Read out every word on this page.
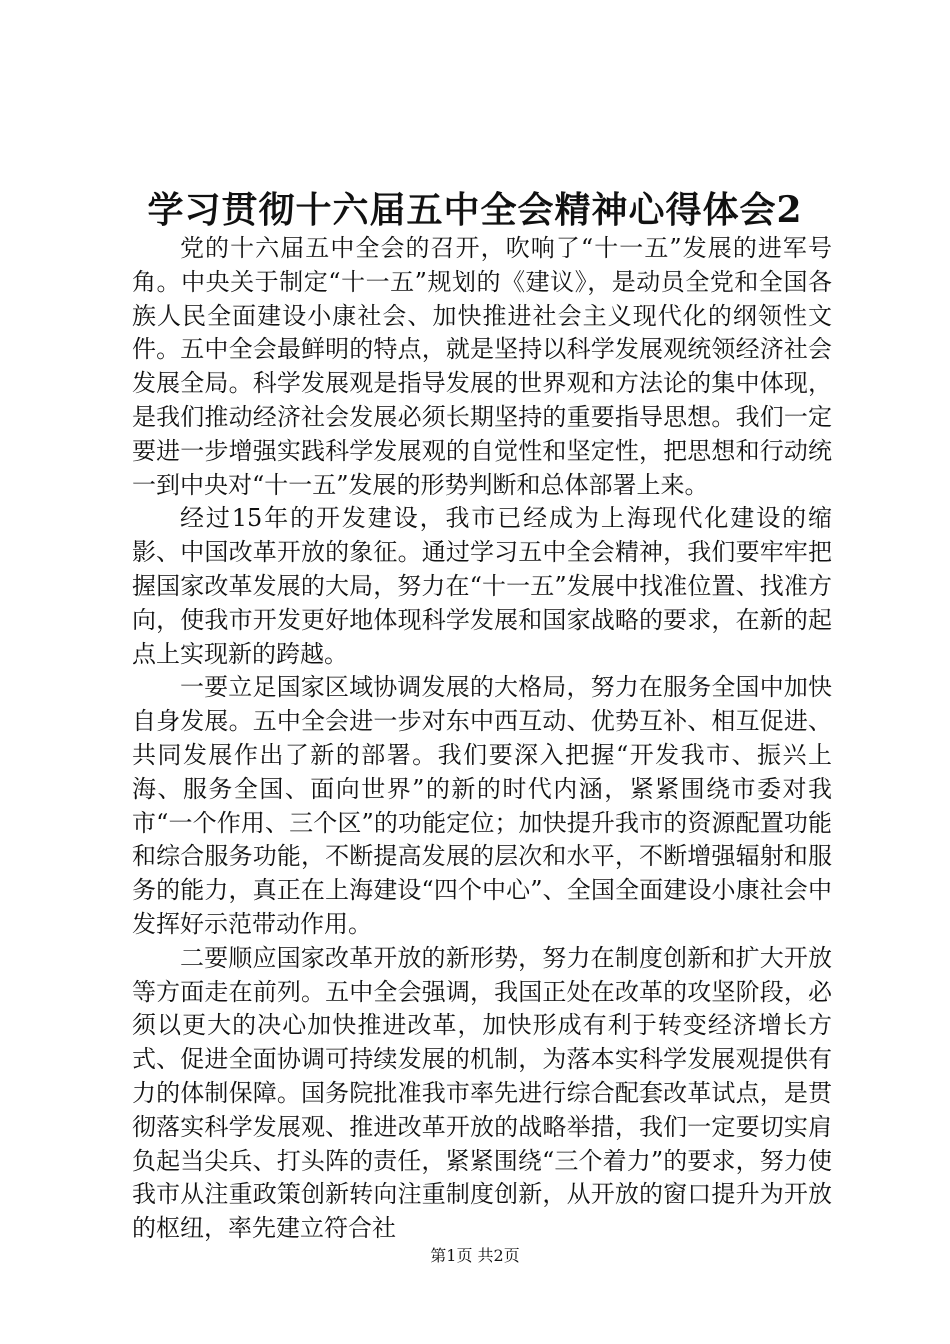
学习贯彻十六届五中全会精神心得体会2

党的十六届五中全会的召开，吹响了“十一五”发展的进军号角。中央关于制定“十一五”规划的《建议》，是动员全党和全国各族人民全面建设小康社会、加快推进社会主义现代化的纲领性文件。五中全会最鲜明的特点，就是坚持以科学发展观统领经济社会发展全局。科学发展观是指导发展的世界观和方法论的集中体现，是我们推动经济社会发展必须长期坚持的重要指导思想。我们一定要进一步增强实践科学发展观的自觉性和坚定性，把思想和行动统一到中央对“十一五”发展的形势判断和总体部署上来。

经过15年的开发建设，我市已经成为上海现代化建设的缩影、中国改革开放的象征。通过学习五中全会精神，我们要牢牢把握国家改革发展的大局，努力在“十一五”发展中找准位置、找准方向，使我市开发更好地体现科学发展和国家战略的要求，在新的起点上实现新的跨越。

一要立足国家区域协调发展的大格局，努力在服务全国中加快自身发展。五中全会进一步对东中西互动、优势互补、相互促进、共同发展作出了新的部署。我们要深入把握“开发我市、振兴上海、服务全国、面向世界”的新的时代内涵，紧紧围绕市委对我市“一个作用、三个区”的功能定位；加快提升我市的资源配置功能和综合服务功能，不断提高发展的层次和水平，不断增强辐射和服务的能力，真正在上海建设“四个中心”、全国全面建设小康社会中发挥好示范带动作用。

二要顺应国家改革开放的新形势，努力在制度创新和扩大开放等方面走在前列。五中全会强调，我国正处在改革的攻坚阶段，必须以更大的决心加快推进改革，加快形成有利于转变经济增长方式、促进全面协调可持续发展的机制，为落本实科学发展观提供有力的体制保障。国务院批准我市率先进行综合配套改革试点，是贯彻落实科学发展观、推进改革开放的战略举措，我们一定要切实肩负起当尖兵、打头阵的责任，紧紧围绕“三个着力”的要求，努力使我市从注重政策创新转向注重制度创新，从开放的窗口提升为开放的枢纽，率先建立符合社

第1页 共2页
